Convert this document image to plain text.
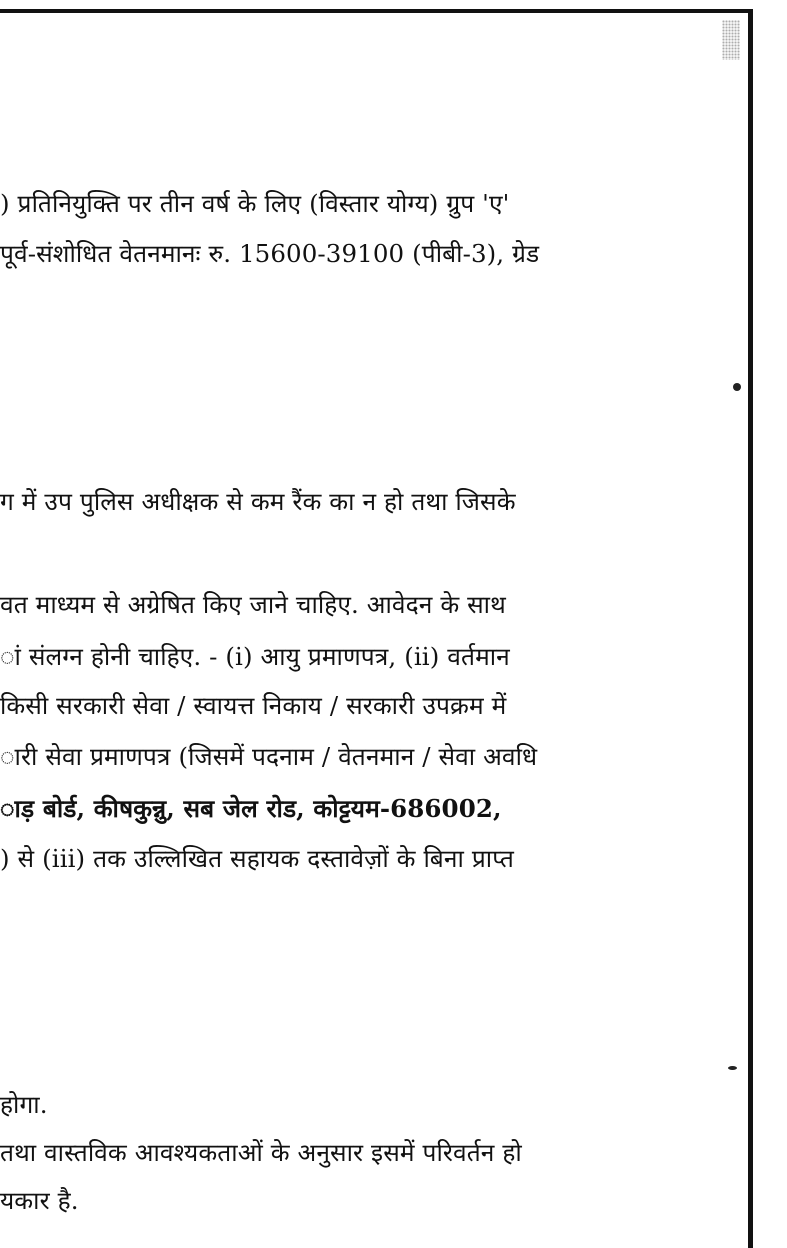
) प्रतिनियुक्ति पर तीन वर्ष के लिए (विस्तार योग्य) ग्रुप 'ए'
पूर्व-संशोधित वेतनमानः रु. 15600-39100 (पीबी-3), ग्रेड
ग में उप पुलिस अधीक्षक से कम रैंक का न हो तथा जिसके
वत माध्यम से अग्रेषित किए जाने चाहिए. आवेदन के साथ
ां संलग्न होनी चाहिए. - (i) आयु प्रमाणपत्र, (ii) वर्तमान
किसी सरकारी सेवा / स्वायत्त निकाय / सरकारी उपक्रम में
ारी सेवा प्रमाणपत्र (जिसमें पदनाम / वेतनमान / सेवा अवधि
ाड़ बोर्ड, कीषकुन्नु, सब जेल रोड, कोट्टयम-686002,
) से (iii) तक उल्लिखित सहायक दस्तावेज़ों के बिना प्राप्त
होगा.
तथा वास्तविक आवश्यकताओं के अनुसार इसमें परिवर्तन हो
यकार है.
